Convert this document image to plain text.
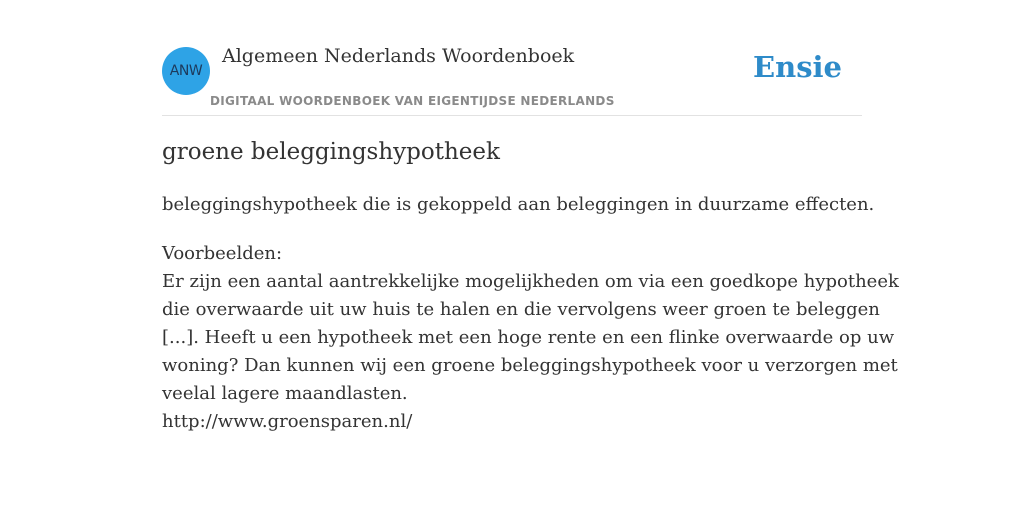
ANW
Algemeen Nederlands Woordenboek
DIGITAAL WOORDENBOEK VAN EIGENTIJDSE NEDERLANDS
Ensie
groene beleggingshypotheek

beleggingshypotheek die is gekoppeld aan beleggingen in duurzame effecten.

Voorbeelden:

Er zijn een aantal aantrekkelijke mogelijkheden om via een goedkope hypotheek
die overwaarde uit uw huis te halen en die vervolgens weer groen te beleggen
[...]. Heeft u een hypotheek met een hoge rente en een flinke overwaarde op uw
woning? Dan kunnen wij een groene beleggingshypotheek voor u verzorgen met
veelal lagere maandlasten.

http://www.groensparen.nl/
